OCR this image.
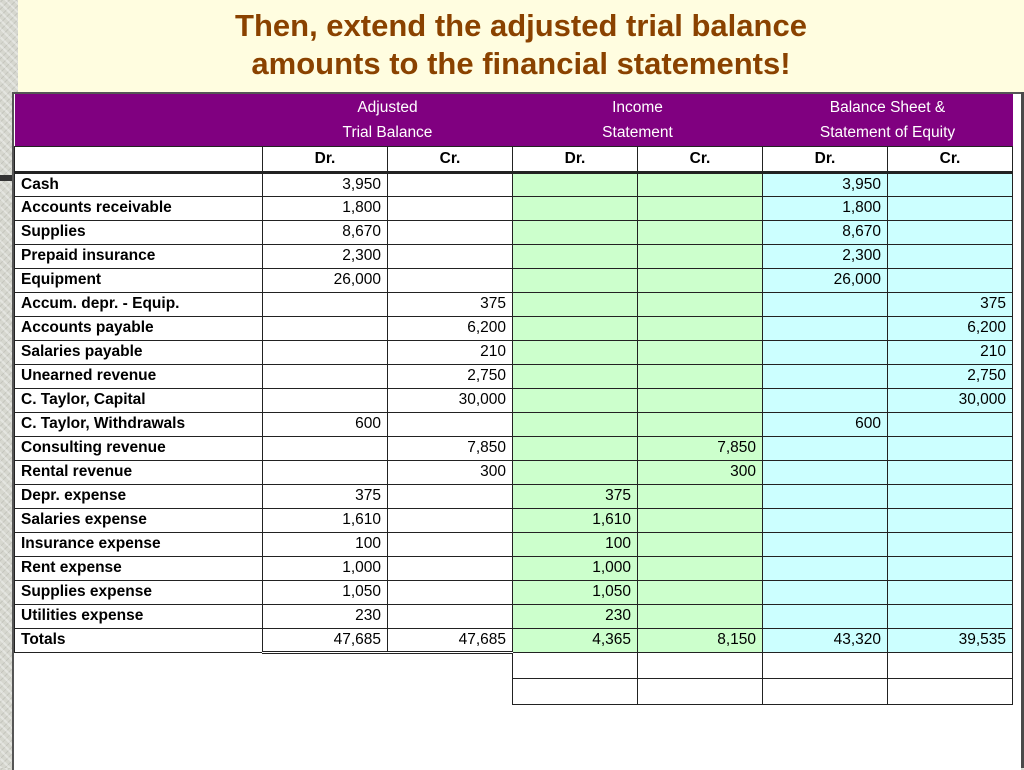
Then, extend the adjusted trial balance
amounts to the financial statements!
	Adjusted		Income		Balance Sheet &	
	Trial Balance		Statement		Statement of Equity	
	Dr.	Cr.	Dr.	Cr.	Dr.	Cr.
Cash	3,950				3,950	
Accounts receivable	1,800				1,800	
Supplies	8,670				8,670	
Prepaid insurance	2,300				2,300	
Equipment	26,000				26,000	
Accum. depr. - Equip.		375				375
Accounts payable		6,200				6,200
Salaries payable		210				210
Unearned revenue		2,750				2,750
C. Taylor, Capital		30,000				30,000
C. Taylor, Withdrawals	600				600	
Consulting revenue		7,850		7,850		
Rental revenue		300		300		
Depr. expense	375		375			
Salaries expense	1,610		1,610			
Insurance expense	100		100			
Rent expense	1,000		1,000			
Supplies expense	1,050		1,050			
Utilities expense	230		230			
Totals	47,685	47,685	4,365	8,150	43,320	39,535
